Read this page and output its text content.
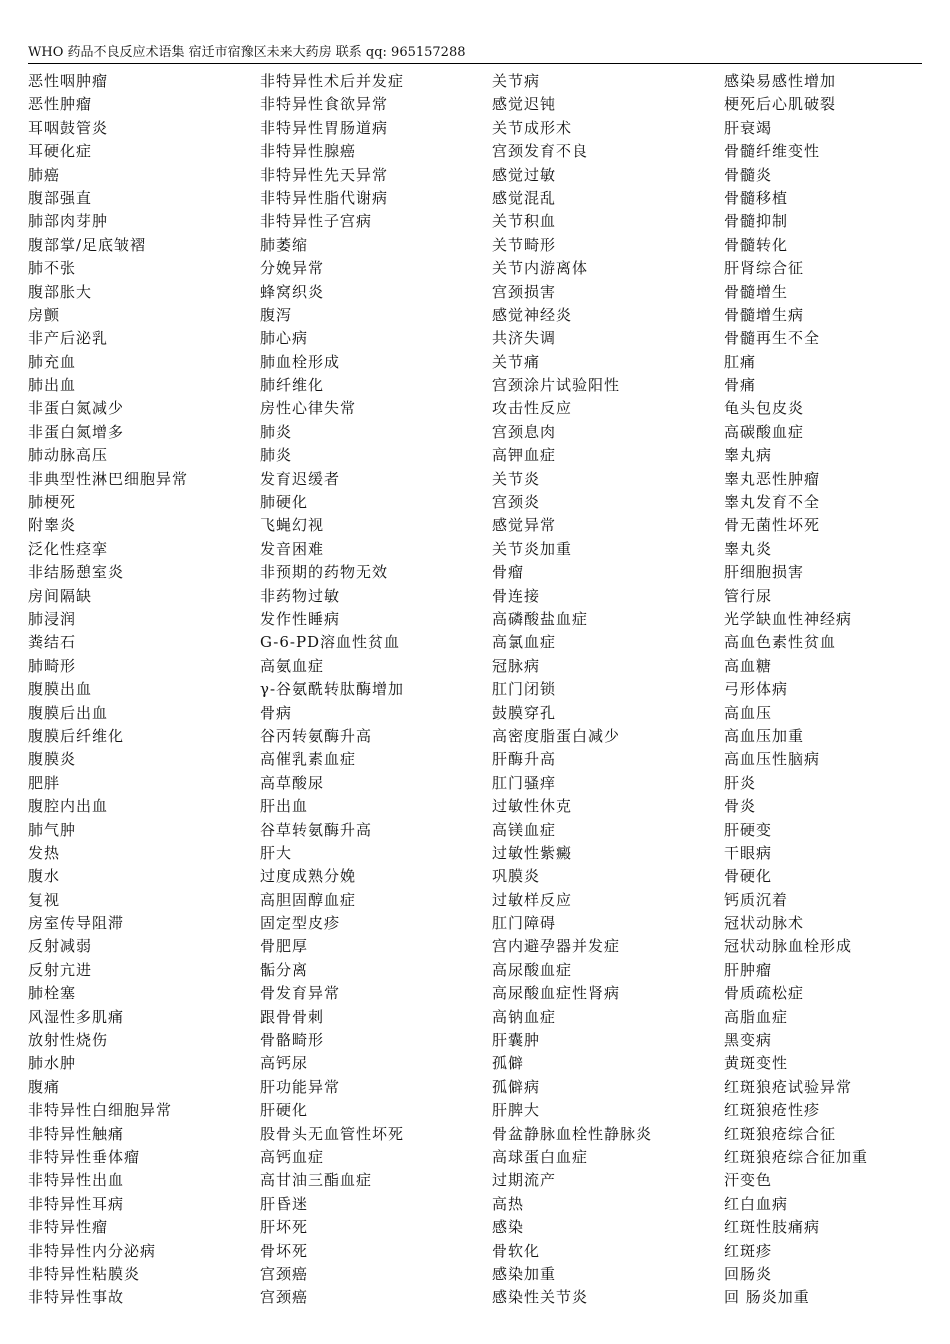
WHO 药品不良反应术语集 宿迁市宿豫区未来大药房 联系 qq: 965157288
恶性咽肿瘤
恶性肿瘤
耳咽鼓管炎
耳硬化症
肺癌
腹部强直
肺部肉芽肿
腹部掌/足底皱褶
肺不张
腹部胀大
房颤
非产后泌乳
肺充血
肺出血
非蛋白氮减少
非蛋白氮增多
肺动脉高压
非典型性淋巴细胞异常
肺梗死
附睾炎
泛化性痉挛
非结肠憩室炎
房间隔缺
肺浸润
粪结石
肺畸形
腹膜出血
腹膜后出血
腹膜后纤维化
腹膜炎
肥胖
腹腔内出血
肺气肿
发热
腹水
复视
房室传导阻滞
反射减弱
反射亢进
肺栓塞
风湿性多肌痛
放射性烧伤
肺水肿
腹痛
非特异性白细胞异常
非特异性触痛
非特异性垂体瘤
非特异性出血
非特异性耳病
非特异性瘤
非特异性内分泌病
非特异性粘膜炎
非特异性事故
非特异性术后并发症
非特异性食欲异常
非特异性胃肠道病
非特异性腺癌
非特异性先天异常
非特异性脂代谢病
非特异性子宫病
肺萎缩
分娩异常
蜂窝织炎
腹泻
肺心病
肺血栓形成
肺纤维化
房性心律失常
肺炎
肺炎
发育迟缓者
肺硬化
飞蝇幻视
发音困难
非预期的药物无效
非药物过敏
发作性睡病
G-6-PD溶血性贫血
高氨血症
γ-谷氨酰转肽酶增加
骨病
谷丙转氨酶升高
高催乳素血症
高草酸尿
肝出血
谷草转氨酶升高
肝大
过度成熟分娩
高胆固醇血症
固定型皮疹
骨肥厚
骺分离
骨发育异常
跟骨骨刺
骨骼畸形
高钙尿
肝功能异常
肝硬化
股骨头无血管性坏死
高钙血症
高甘油三酯血症
肝昏迷
肝坏死
骨坏死
宫颈癌
宫颈癌
关节病
感觉迟钝
关节成形术
宫颈发育不良
感觉过敏
感觉混乱
关节积血
关节畸形
关节内游离体
宫颈损害
感觉神经炎
共济失调
关节痛
宫颈涂片试验阳性
攻击性反应
宫颈息肉
高钾血症
关节炎
宫颈炎
感觉异常
关节炎加重
骨瘤
骨连接
高磷酸盐血症
高氯血症
冠脉病
肛门闭锁
鼓膜穿孔
高密度脂蛋白减少
肝酶升高
肛门骚痒
过敏性休克
高镁血症
过敏性紫癜
巩膜炎
过敏样反应
肛门障碍
宫内避孕器并发症
高尿酸血症
高尿酸血症性肾病
高钠血症
肝囊肿
孤僻
孤僻病
肝脾大
骨盆静脉血栓性静脉炎
高球蛋白血症
过期流产
高热
感染
骨软化
感染加重
感染性关节炎
感染易感性增加
梗死后心肌破裂
肝衰竭
骨髓纤维变性
骨髓炎
骨髓移植
骨髓抑制
骨髓转化
肝肾综合征
骨髓增生
骨髓增生病
骨髓再生不全
肛痛
骨痛
龟头包皮炎
高碳酸血症
睾丸病
睾丸恶性肿瘤
睾丸发育不全
骨无菌性坏死
睾丸炎
肝细胞损害
管行尿
光学缺血性神经病
高血色素性贫血
高血糖
弓形体病
高血压
高血压加重
高血压性脑病
肝炎
骨炎
肝硬变
干眼病
骨硬化
钙质沉着
冠状动脉术
冠状动脉血栓形成
肝肿瘤
骨质疏松症
高脂血症
黑变病
黄斑变性
红斑狼疮试验异常
红斑狼疮性疹
红斑狼疮综合征
红斑狼疮综合征加重
汗变色
红白血病
红斑性肢痛病
红斑疹
回肠炎
回 肠炎加重
